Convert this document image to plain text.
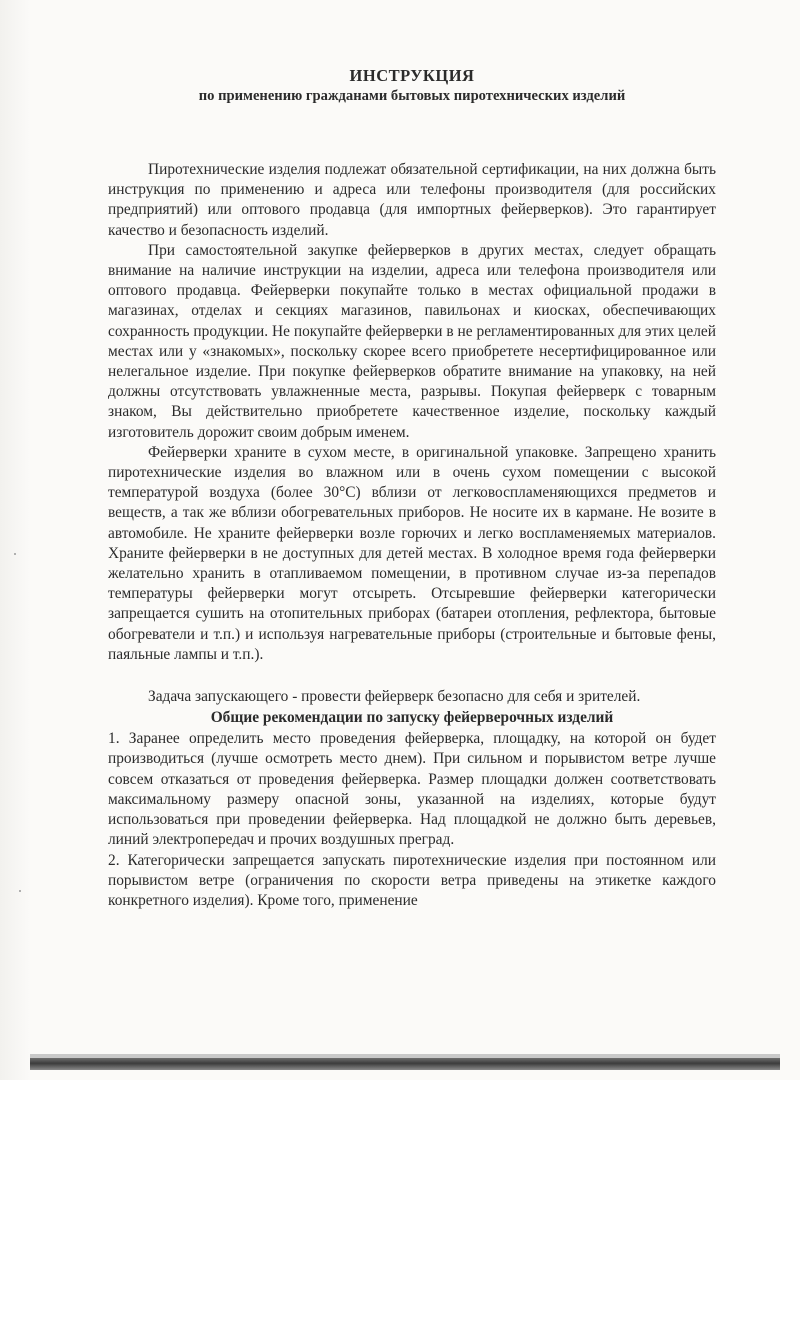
ИНСТРУКЦИЯ

по применению гражданами бытовых пиротехнических изделий

Пиротехнические изделия подлежат обязательной сертификации, на них должна быть инструкция по применению и адреса или телефоны производителя (для российских предприятий) или оптового продавца (для импортных фейерверков). Это гарантирует качество и безопасность изделий.

При самостоятельной закупке фейерверков в других местах, следует обращать внимание на наличие инструкции на изделии, адреса или телефона производителя или оптового продавца. Фейерверки покупайте только в местах официальной продажи в магазинах, отделах и секциях магазинов, павильонах и киосках, обеспечивающих сохранность продукции. Не покупайте фейерверки в не регламентированных для этих целей местах или у «знакомых», поскольку скорее всего приобретете несертифицированное или нелегальное изделие. При покупке фейерверков обратите внимание на упаковку, на ней должны отсутствовать увлажненные места, разрывы. Покупая фейерверк с товарным знаком, Вы действительно приобретете качественное изделие, поскольку каждый изготовитель дорожит своим добрым именем.

Фейерверки храните в сухом месте, в оригинальной упаковке. Запрещено хранить пиротехнические изделия во влажном или в очень сухом помещении с высокой температурой воздуха (более 30°С) вблизи от легковоспламеняющихся предметов и веществ, а так же вблизи обогревательных приборов. Не носите их в кармане. Не возите в автомобиле. Не храните фейерверки возле горючих и легко воспламеняемых материалов. Храните фейерверки в не доступных для детей местах. В холодное время года фейерверки желательно хранить в отапливаемом помещении, в противном случае из-за перепадов температуры фейерверки могут отсыреть. Отсыревшие фейерверки категорически запрещается сушить на отопительных приборах (батареи отопления, рефлектора, бытовые обогреватели и т.п.) и используя нагревательные приборы (строительные и бытовые фены, паяльные лампы и т.п.).

Задача запускающего - провести фейерверк безопасно для себя и зрителей.

Общие рекомендации по запуску фейерверочных изделий

1. Заранее определить место проведения фейерверка, площадку, на которой он будет производиться (лучше осмотреть место днем). При сильном и порывистом ветре лучше совсем отказаться от проведения фейерверка. Размер площадки должен соответствовать максимальному размеру опасной зоны, указанной на изделиях, которые будут использоваться при проведении фейерверка. Над площадкой не должно быть деревьев, линий электропередач и прочих воздушных преград.

2. Категорически запрещается запускать пиротехнические изделия при постоянном или порывистом ветре (ограничения по скорости ветра приведены на этикетке каждого конкретного изделия). Кроме того, применение
